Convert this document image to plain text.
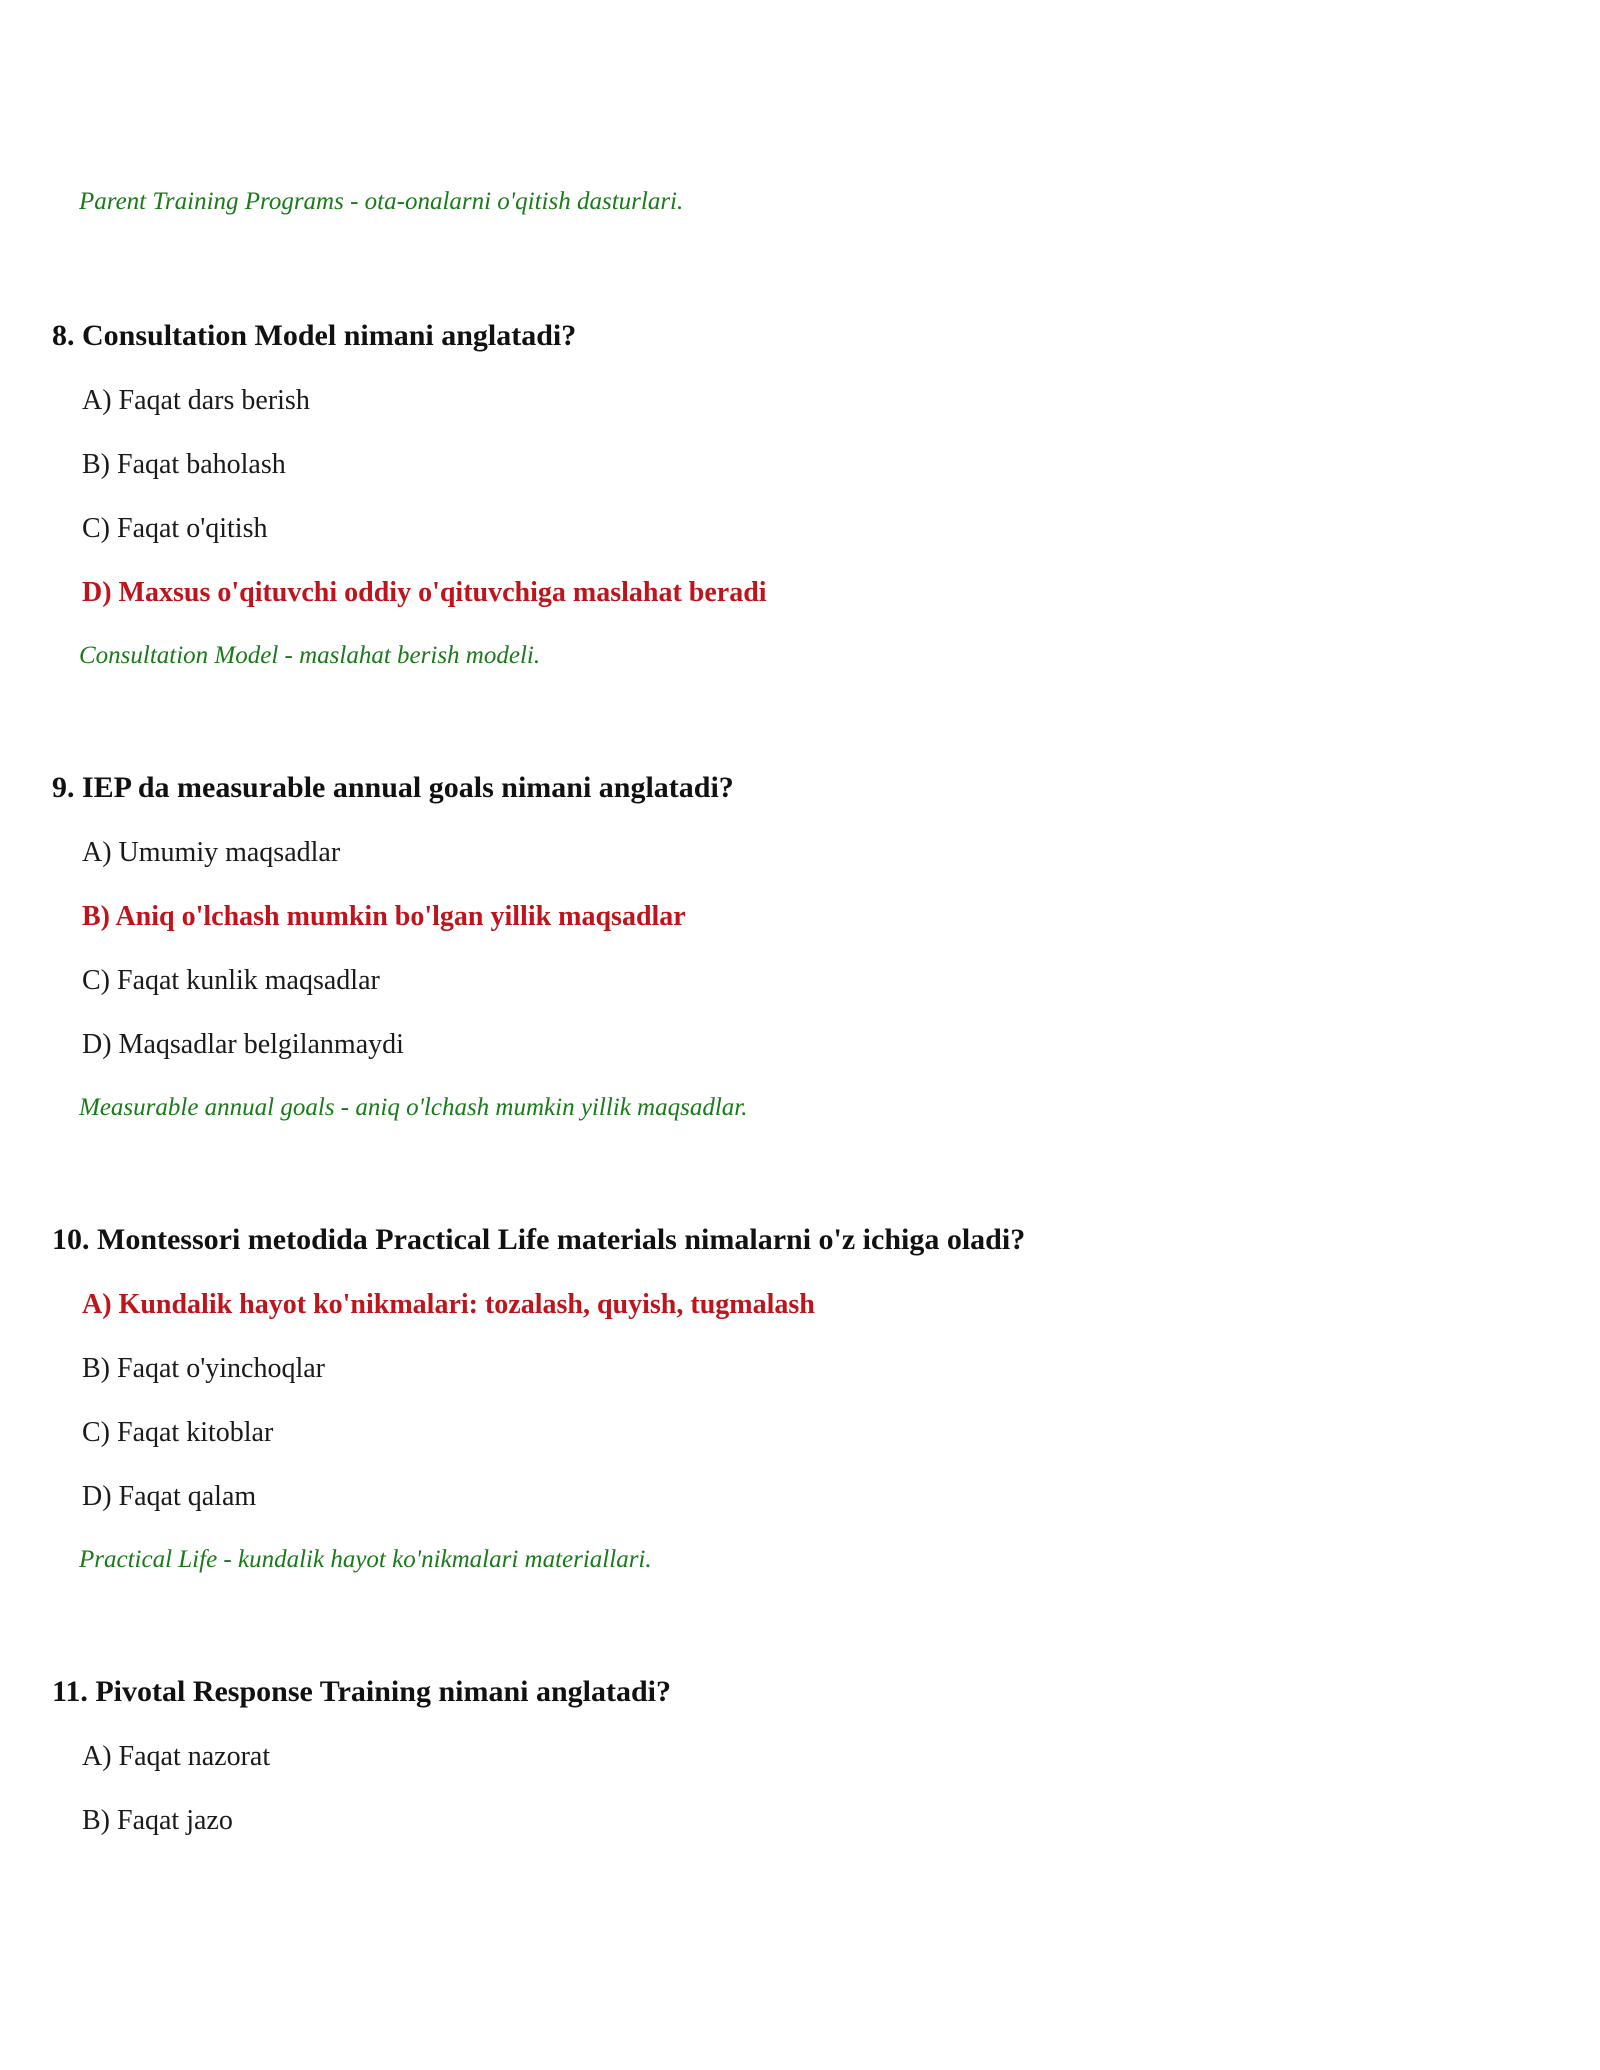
Parent Training Programs - ota-onalarni o'qitish dasturlari.
8. Consultation Model nimani anglatadi?
A) Faqat dars berish
B) Faqat baholash
C) Faqat o'qitish
D) Maxsus o'qituvchi oddiy o'qituvchiga maslahat beradi
Consultation Model - maslahat berish modeli.
9. IEP da measurable annual goals nimani anglatadi?
A) Umumiy maqsadlar
B) Aniq o'lchash mumkin bo'lgan yillik maqsadlar
C) Faqat kunlik maqsadlar
D) Maqsadlar belgilanmaydi
Measurable annual goals - aniq o'lchash mumkin yillik maqsadlar.
10. Montessori metodida Practical Life materials nimalarni o'z ichiga oladi?
A) Kundalik hayot ko'nikmalari: tozalash, quyish, tugmalash
B) Faqat o'yinchoqlar
C) Faqat kitoblar
D) Faqat qalam
Practical Life - kundalik hayot ko'nikmalari materiallari.
11. Pivotal Response Training nimani anglatadi?
A) Faqat nazorat
B) Faqat jazo
